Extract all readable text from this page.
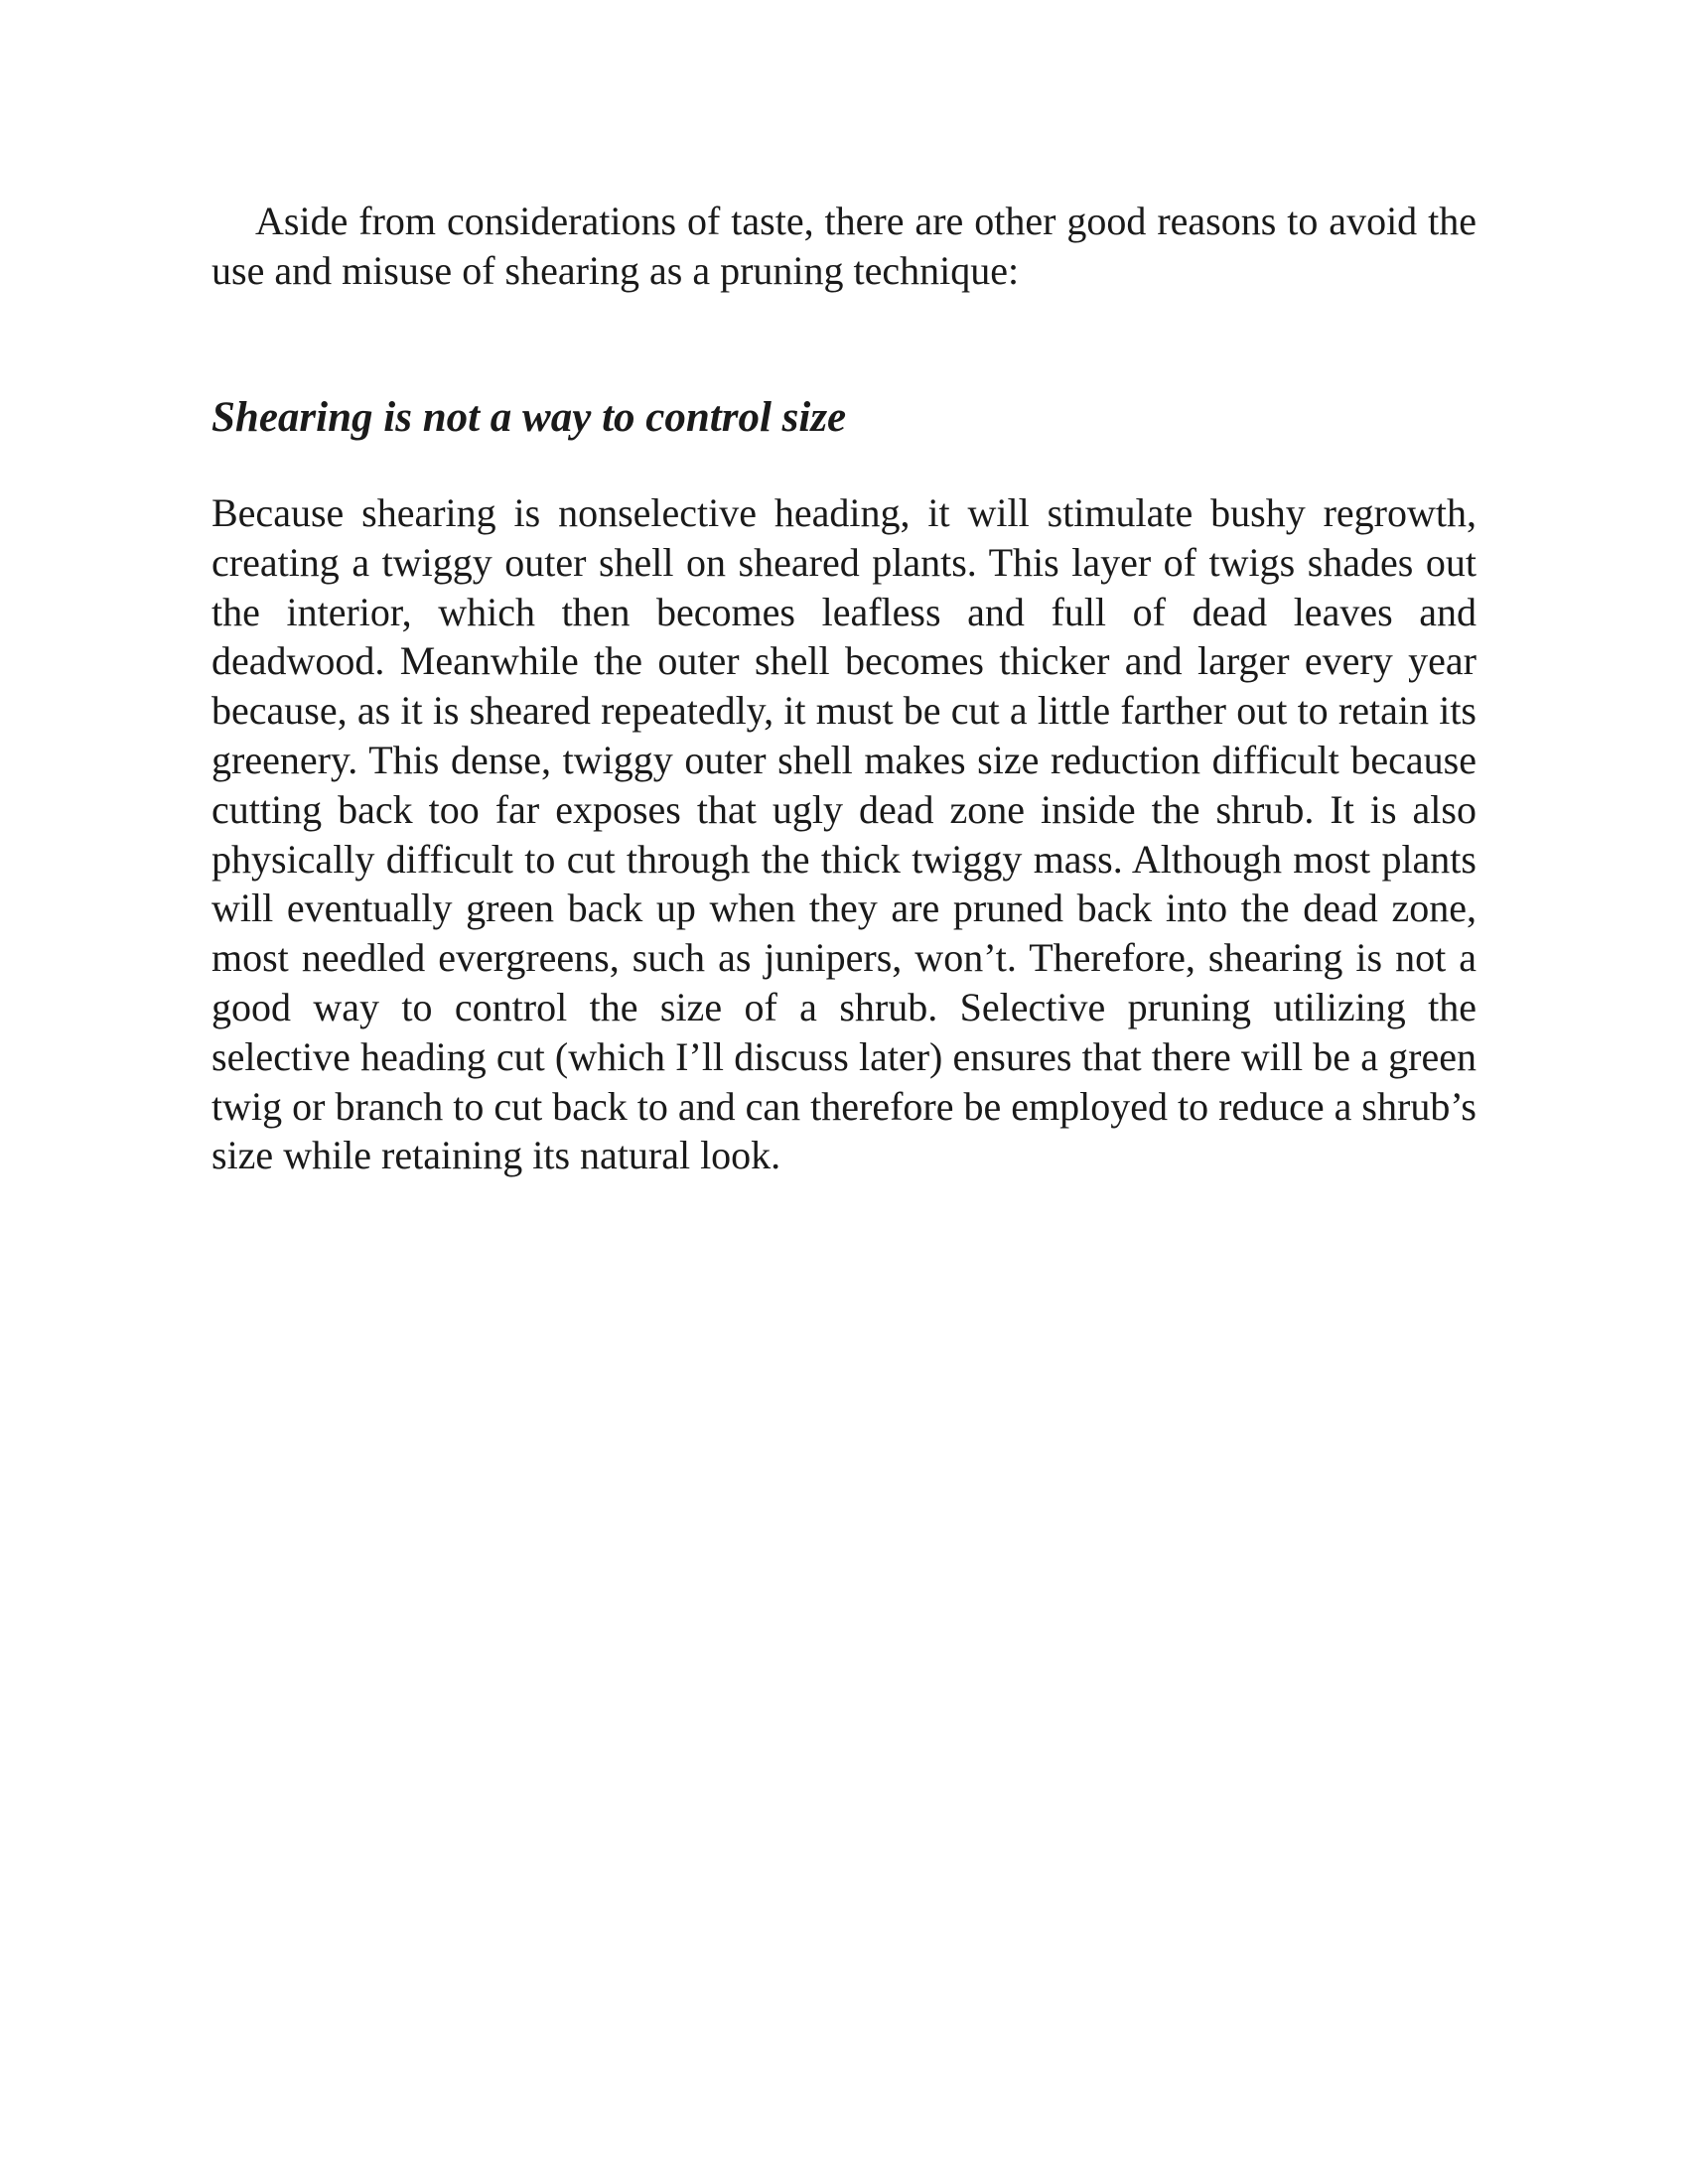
Aside from considerations of taste, there are other good reasons to avoid the use and misuse of shearing as a pruning technique:

Shearing is not a way to control size

Because shearing is nonselective heading, it will stimulate bushy regrowth, creating a twiggy outer shell on sheared plants. This layer of twigs shades out the interior, which then becomes leafless and full of dead leaves and deadwood. Meanwhile the outer shell becomes thicker and larger every year because, as it is sheared repeatedly, it must be cut a little farther out to retain its greenery. This dense, twiggy outer shell makes size reduction difficult because cutting back too far exposes that ugly dead zone inside the shrub. It is also physically difficult to cut through the thick twiggy mass. Although most plants will eventually green back up when they are pruned back into the dead zone, most needled evergreens, such as junipers, won’t. Therefore, shearing is not a good way to control the size of a shrub. Selective pruning utilizing the selective heading cut (which I’ll discuss later) ensures that there will be a green twig or branch to cut back to and can therefore be employed to reduce a shrub’s size while retaining its natural look.
